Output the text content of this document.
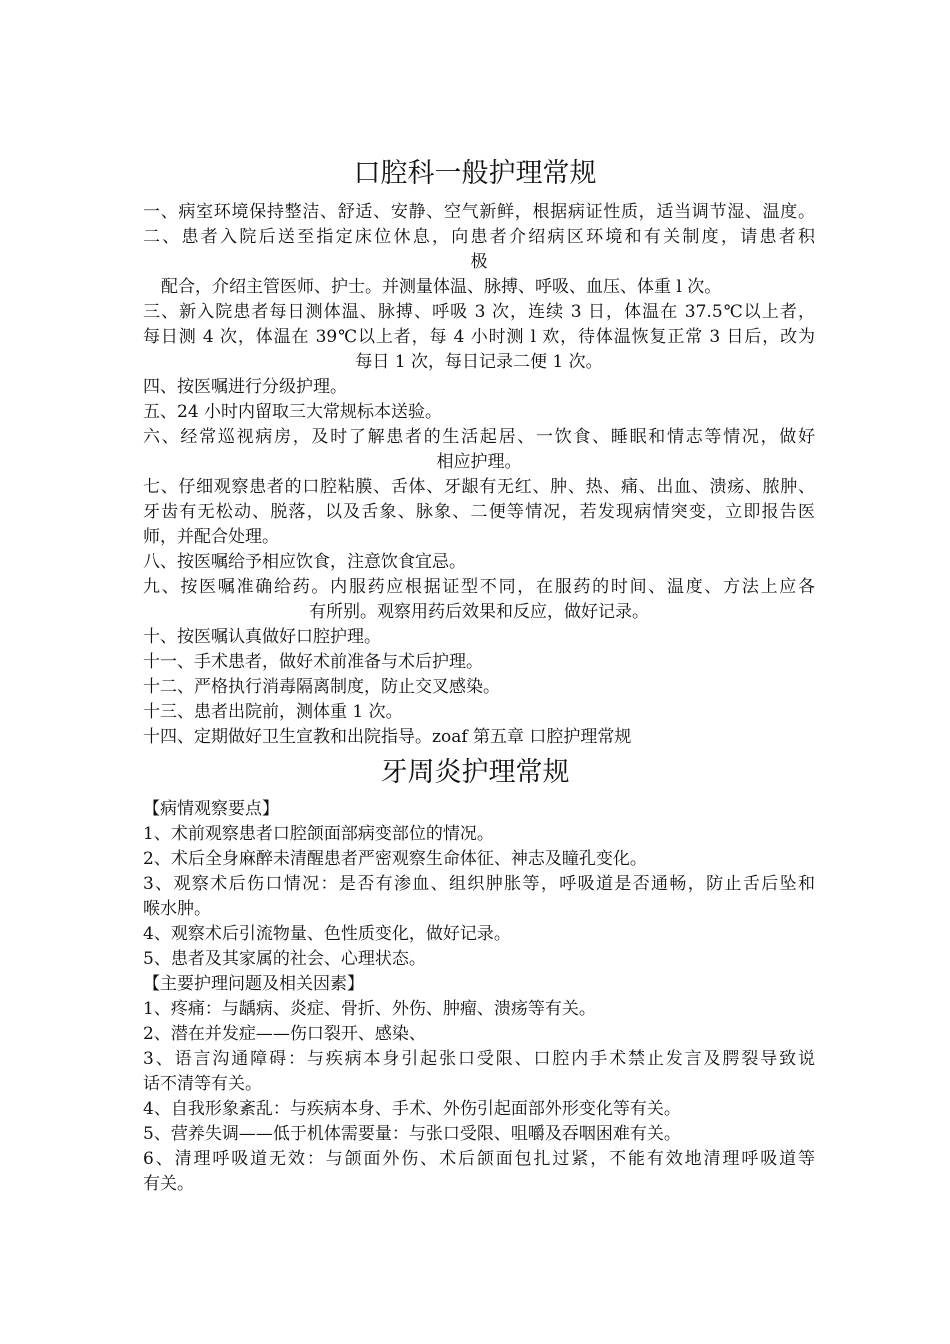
口腔科一般护理常规
一、病室环境保持整洁、舒适、安静、空气新鲜，根据病证性质，适当调节湿、温度。
二、患者入院后送至指定床位休息，向患者介绍病区环境和有关制度，请患者积
极
配合，介绍主管医师、护士。并测量体温、脉搏、呼吸、血压、体重 l 次。
三、新入院患者每日测体温、脉搏、呼吸 3 次，连续 3 日，体温在 37.5℃以上者，
每日测 4 次，体温在 39℃以上者，每 4 小时测 l 欢，待体温恢复正常 3 日后，改为
每日 1 次，每日记录二便 1 次。
四、按医嘱进行分级护理。
五、24 小时内留取三大常规标本送验。
六、经常巡视病房，及时了解患者的生活起居、一饮食、睡眠和情志等情况，做好
相应护理。
七、仔细观察患者的口腔粘膜、舌体、牙龈有无红、肿、热、痛、出血、溃疡、脓肿、
牙齿有无松动、脱落，以及舌象、脉象、二便等情况，若发现病情突变，立即报告医
师，并配合处理。
八、按医嘱给予相应饮食，注意饮食宜忌。
九、按医嘱准确给药。内服药应根据证型不同，在服药的时间、温度、方法上应各
有所别。观察用药后效果和反应，做好记录。
十、按医嘱认真做好口腔护理。
十一、手术患者，做好术前准备与术后护理。
十二、严格执行消毒隔离制度，防止交叉感染。
十三、患者出院前，测体重 1 次。
十四、定期做好卫生宣教和出院指导。zoaf 第五章 口腔护理常规
牙周炎护理常规
【病情观察要点】
1、术前观察患者口腔颌面部病变部位的情况。
2、术后全身麻醉未清醒患者严密观察生命体征、神志及瞳孔变化。
3、观察术后伤口情况：是否有渗血、组织肿胀等，呼吸道是否通畅，防止舌后坠和
喉水肿。
4、观察术后引流物量、色性质变化，做好记录。
5、患者及其家属的社会、心理状态。
【主要护理问题及相关因素】
1、疼痛：与龋病、炎症、骨折、外伤、肿瘤、溃疡等有关。
2、潜在并发症——伤口裂开、感染、
3、语言沟通障碍：与疾病本身引起张口受限、口腔内手术禁止发言及腭裂导致说
话不清等有关。
4、自我形象紊乱：与疾病本身、手术、外伤引起面部外形变化等有关。
5、营养失调——低于机体需要量：与张口受限、咀嚼及吞咽困难有关。
6、清理呼吸道无效：与颌面外伤、术后颌面包扎过紧，不能有效地清理呼吸道等
有关。
